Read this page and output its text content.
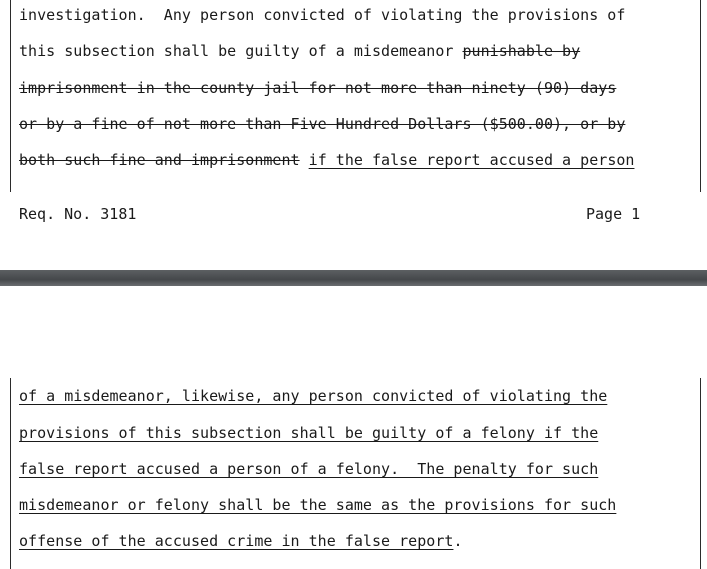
investigation.  Any person convicted of violating the provisions of
this subsection shall be guilty of a misdemeanor punishable by
imprisonment in the county jail for not more than ninety (90) days
or by a fine of not more than Five Hundred Dollars ($500.00), or by
both such fine and imprisonment if the false report accused a person
Req. No. 3181	Page 1
of a misdemeanor, likewise, any person convicted of violating the
provisions of this subsection shall be guilty of a felony if the
false report accused a person of a felony.  The penalty for such
misdemeanor or felony shall be the same as the provisions for such
offense of the accused crime in the false report.
